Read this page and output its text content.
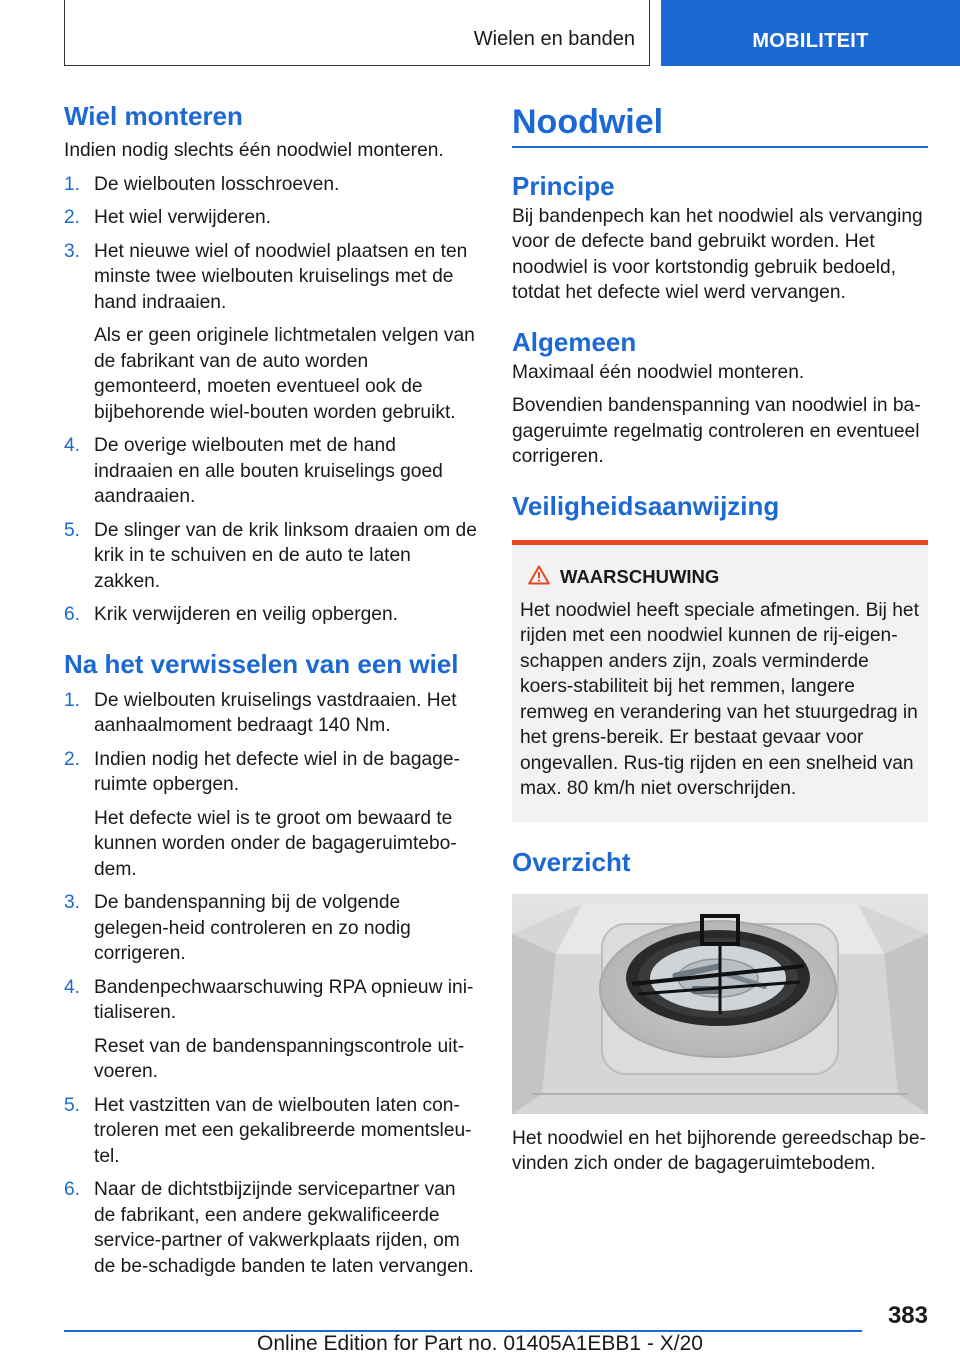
Wielen en banden	MOBILITEIT
Wiel monteren
Indien nodig slechts één noodwiel monteren.
1. De wielbouten losschroeven.
2. Het wiel verwijderen.
3. Het nieuwe wiel of noodwiel plaatsen en ten minste twee wielbouten kruiselings met de hand indraaien.
Als er geen originele lichtmetalen velgen van de fabrikant van de auto worden gemonteerd, moeten eventueel ook de bijbehorende wiel-bouten worden gebruikt.
4. De overige wielbouten met de hand indraaien en alle bouten kruiselings goed aandraaien.
5. De slinger van de krik linksom draaien om de krik in te schuiven en de auto te laten zakken.
6. Krik verwijderen en veilig opbergen.
Na het verwisselen van een wiel
1. De wielbouten kruiselings vastdraaien. Het aanhaalmoment bedraagt 140 Nm.
2. Indien nodig het defecte wiel in de bagage-ruimte opbergen.
Het defecte wiel is te groot om bewaard te kunnen worden onder de bagageruimtebo-dem.
3. De bandenspanning bij de volgende gelegen-heid controleren en zo nodig corrigeren.
4. Bandenpechwaarschuwing RPA opnieuw ini-tialiseren.
Reset van de bandenspanningscontrole uit-voeren.
5. Het vastzitten van de wielbouten laten con-troleren met een gekalibreerde momentsleu-tel.
6. Naar de dichtstbijzijnde servicepartner van de fabrikant, een andere gekwalificeerde service-partner of vakwerkplaats rijden, om de be-schadigde banden te laten vervangen.
Noodwiel
Principe
Bij bandenpech kan het noodwiel als vervanging voor de defecte band gebruikt worden. Het noodwiel is voor kortstondig gebruik bedoeld, totdat het defecte wiel werd vervangen.
Algemeen
Maximaal één noodwiel monteren.
Bovendien bandenspanning van noodwiel in ba-gageruimte regelmatig controleren en eventueel corrigeren.
Veiligheidsaanwijzing
WAARSCHUWING
Het noodwiel heeft speciale afmetingen. Bij het rijden met een noodwiel kunnen de rij-eigen-schappen anders zijn, zoals verminderde koers-stabiliteit bij het remmen, langere remweg en verandering van het stuurgedrag in het grens-bereik. Er bestaat gevaar voor ongevallen. Rus-tig rijden en een snelheid van max. 80 km/h niet overschrijden.
Overzicht
Het noodwiel en het bijhorende gereedschap be-vinden zich onder de bagageruimtebodem.
383
Online Edition for Part no. 01405A1EBB1 - X/20
